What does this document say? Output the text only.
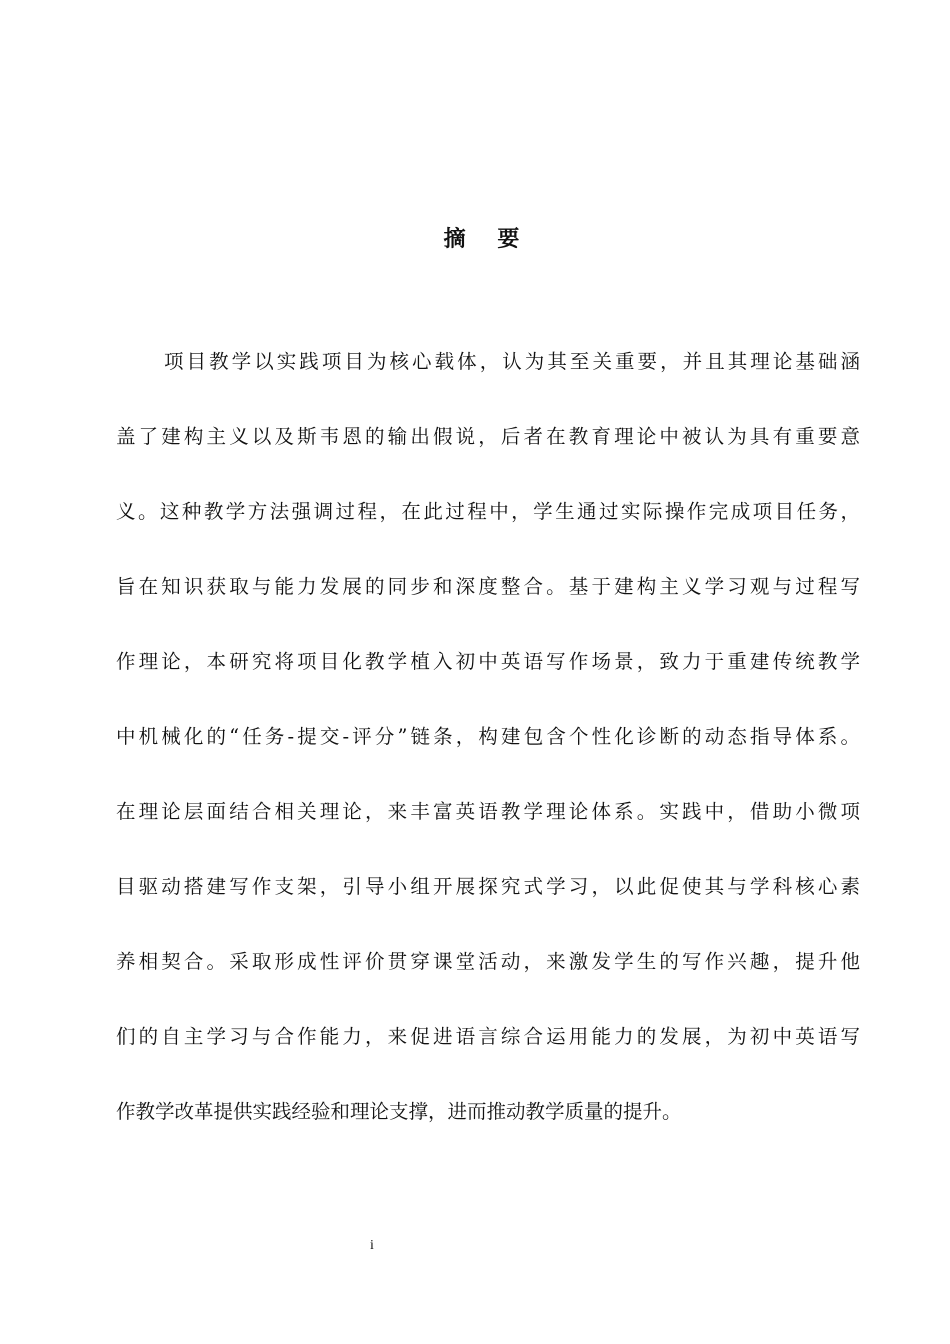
摘 要
项目教学以实践项目为核心载体，认为其至关重要，并且其理论基础涵
盖了建构主义以及斯韦恩的输出假说，后者在教育理论中被认为具有重要意
义。这种教学方法强调过程，在此过程中，学生通过实际操作完成项目任务，
旨在知识获取与能力发展的同步和深度整合。基于建构主义学习观与过程写
作理论，本研究将项目化教学植入初中英语写作场景，致力于重建传统教学
中机械化的“任务-提交-评分”链条，构建包含个性化诊断的动态指导体系。
在理论层面结合相关理论，来丰富英语教学理论体系。实践中，借助小微项
目驱动搭建写作支架，引导小组开展探究式学习，以此促使其与学科核心素
养相契合。采取形成性评价贯穿课堂活动，来激发学生的写作兴趣，提升他
们的自主学习与合作能力，来促进语言综合运用能力的发展，为初中英语写
作教学改革提供实践经验和理论支撑，进而推动教学质量的提升。
i
